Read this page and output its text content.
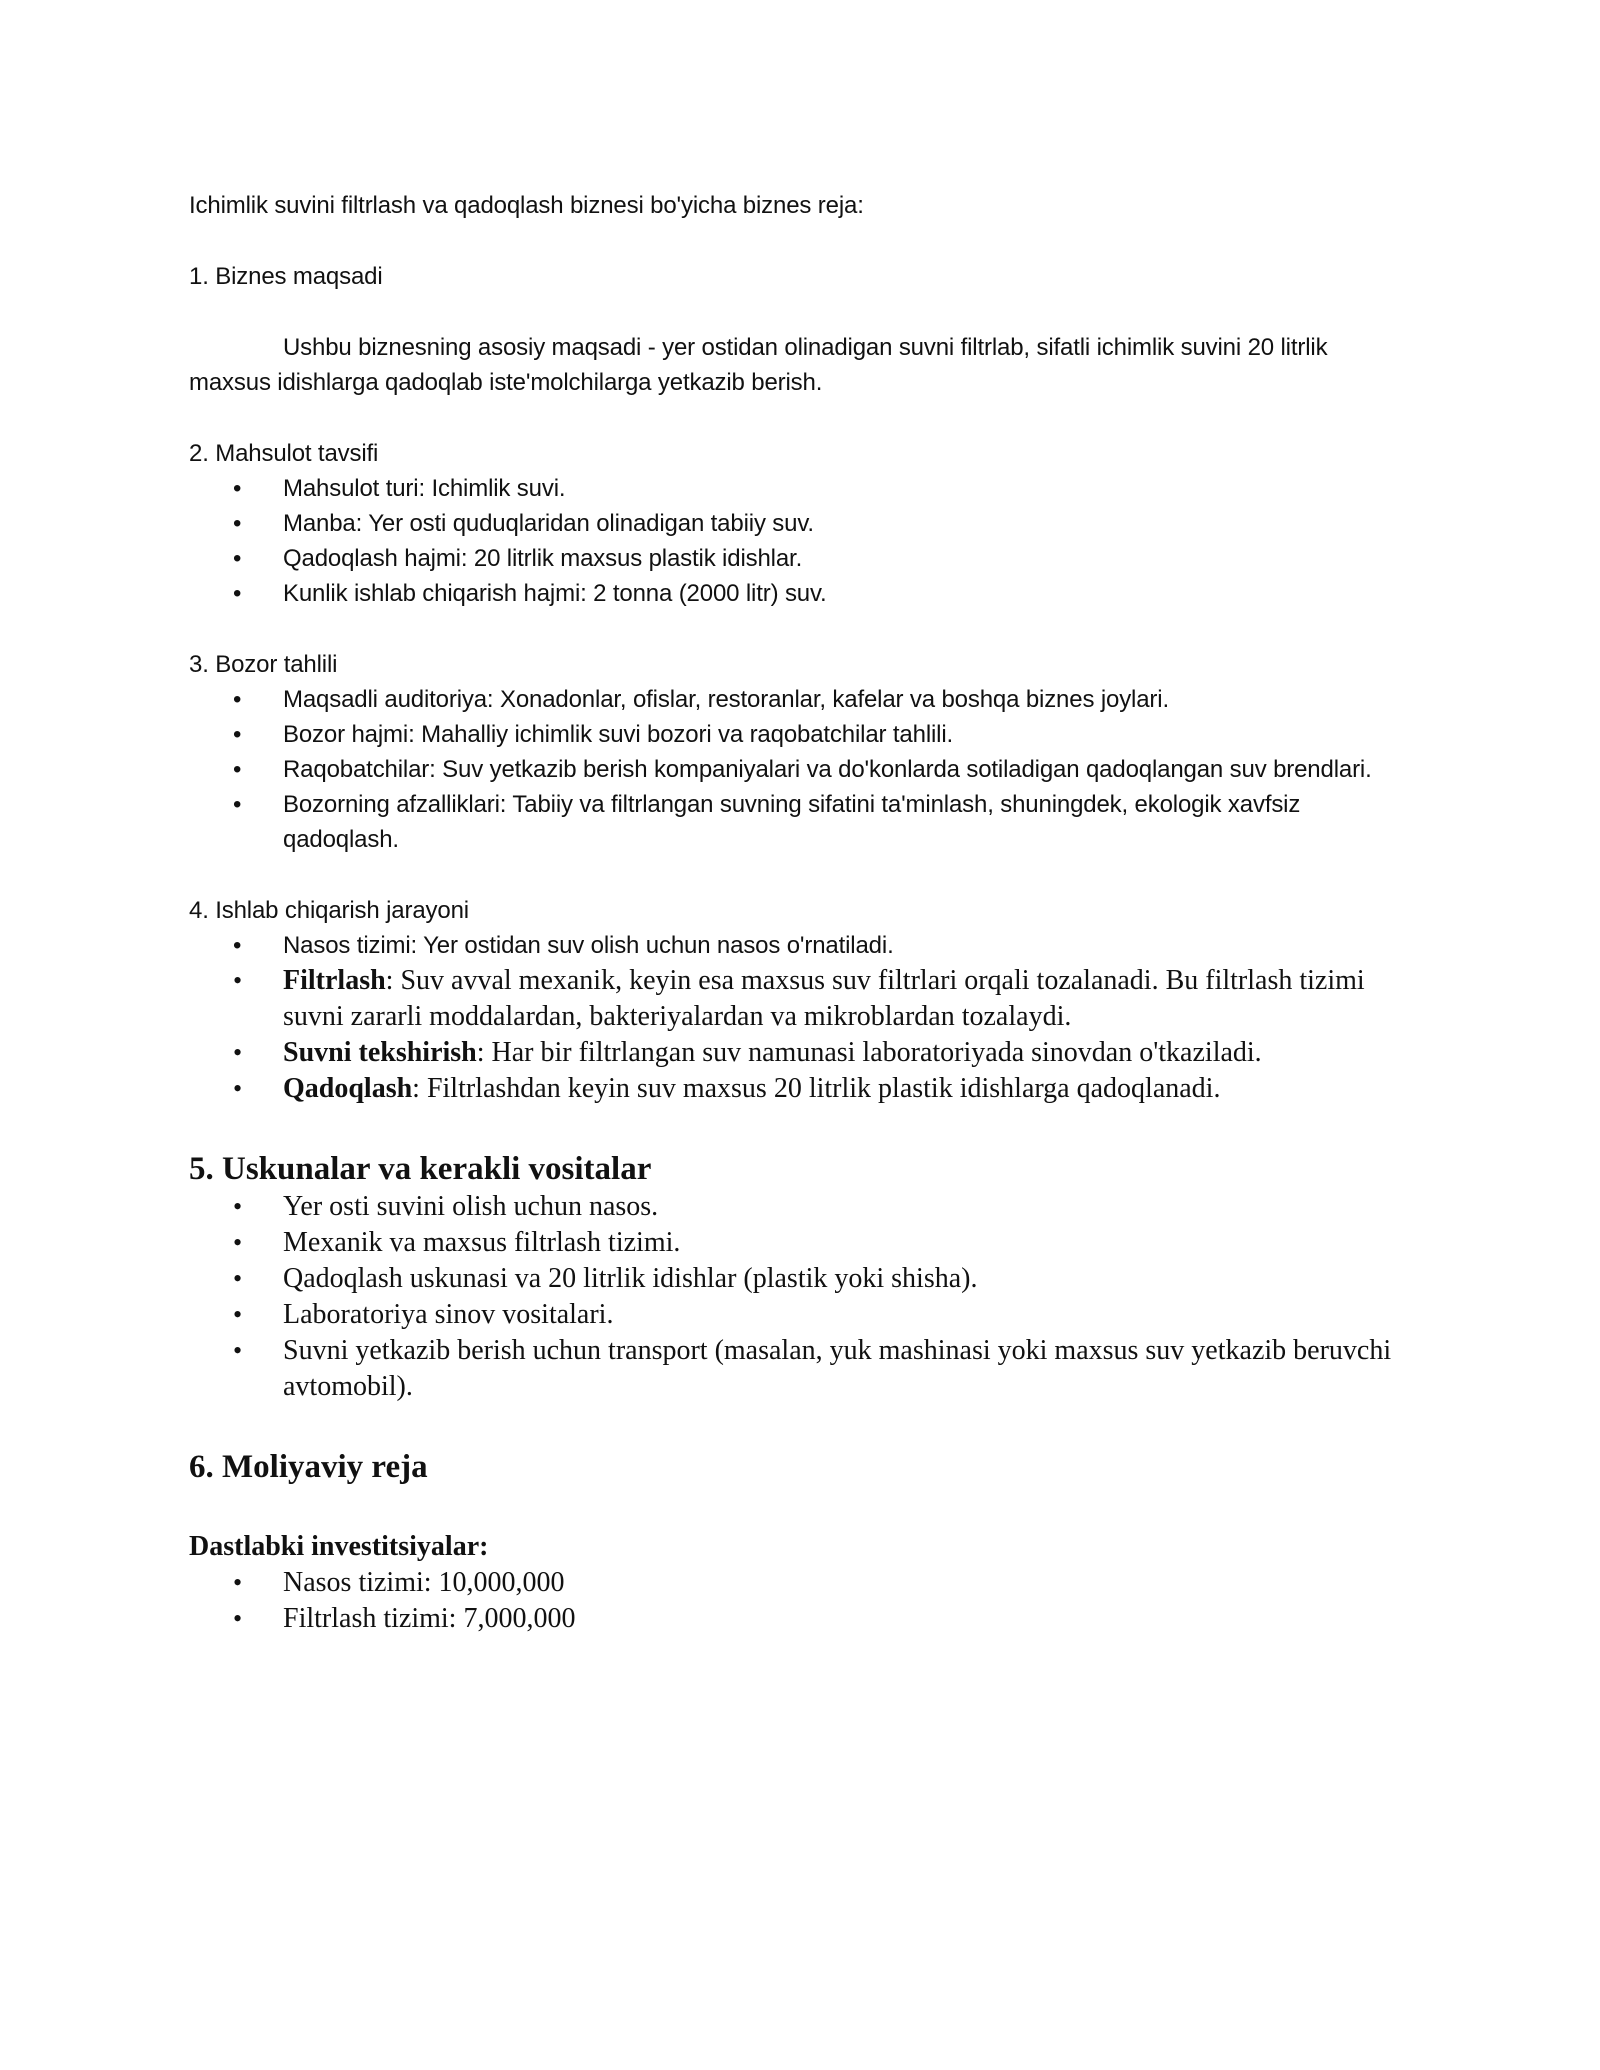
Ichimlik suvini filtrlash va qadoqlash biznesi bo'yicha biznes reja:

1. Biznes maqsadi

Ushbu biznesning asosiy maqsadi - yer ostidan olinadigan suvni filtrlab, sifatli ichimlik suvini 20 litrlik maxsus idishlarga qadoqlab iste'molchilarga yetkazib berish.

2. Mahsulot tavsifi

• Mahsulot turi: Ichimlik suvi.
• Manba: Yer osti quduqlaridan olinadigan tabiiy suv.
• Qadoqlash hajmi: 20 litrlik maxsus plastik idishlar.
• Kunlik ishlab chiqarish hajmi: 2 tonna (2000 litr) suv.

3. Bozor tahlili

• Maqsadli auditoriya: Xonadonlar, ofislar, restoranlar, kafelar va boshqa biznes joylari.
• Bozor hajmi: Mahalliy ichimlik suvi bozori va raqobatchilar tahlili.
• Raqobatchilar: Suv yetkazib berish kompaniyalari va do'konlarda sotiladigan qadoqlangan suv brendlari.
• Bozorning afzalliklari: Tabiiy va filtrlangan suvning sifatini ta'minlash, shuningdek, ekologik xavfsiz qadoqlash.

4. Ishlab chiqarish jarayoni

• Nasos tizimi: Yer ostidan suv olish uchun nasos o'rnatiladi.
• Filtrlash: Suv avval mexanik, keyin esa maxsus suv filtrlari orqali tozalanadi. Bu filtrlash tizimi suvni zararli moddalardan, bakteriyalardan va mikroblardan tozalaydi.
• Suvni tekshirish: Har bir filtrlangan suv namunasi laboratoriyada sinovdan o'tkaziladi.
• Qadoqlash: Filtrlashdan keyin suv maxsus 20 litrlik plastik idishlarga qadoqlanadi.
5. Uskunalar va kerakli vositalar
• Yer osti suvini olish uchun nasos.
• Mexanik va maxsus filtrlash tizimi.
• Qadoqlash uskunasi va 20 litrlik idishlar (plastik yoki shisha).
• Laboratoriya sinov vositalari.
• Suvni yetkazib berish uchun transport (masalan, yuk mashinasi yoki maxsus suv yetkazib beruvchi avtomobil).
6. Moliyaviy reja
Dastlabki investitsiyalar:
• Nasos tizimi: 10,000,000
• Filtrlash tizimi: 7,000,000
